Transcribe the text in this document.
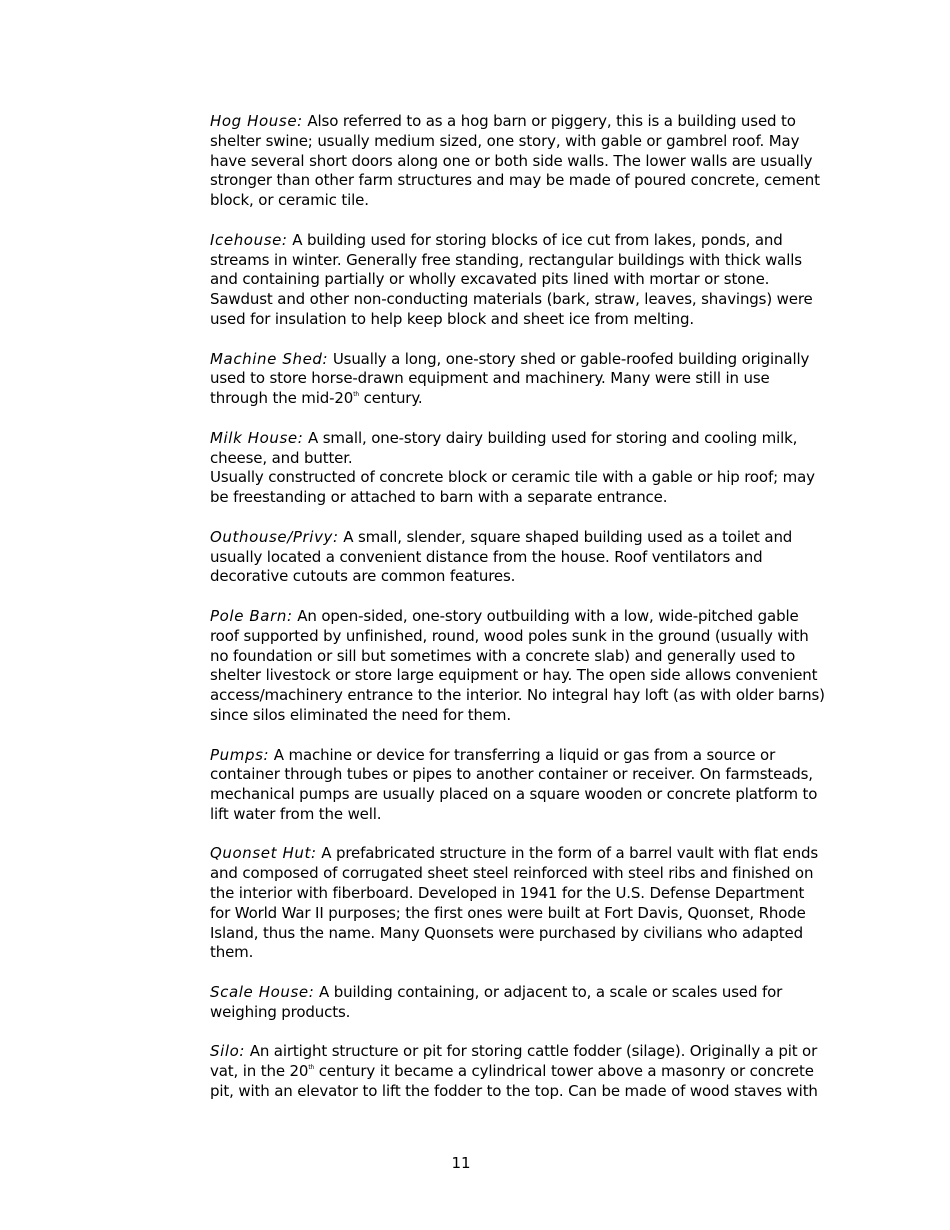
Hog House: Also referred to as a hog barn or piggery, this is a building used to
shelter swine; usually medium sized, one story, with gable or gambrel roof. May
have several short doors along one or both side walls. The lower walls are usually
stronger than other farm structures and may be made of poured concrete, cement
block, or ceramic tile.
Icehouse: A building used for storing blocks of ice cut from lakes, ponds, and
streams in winter. Generally free standing, rectangular buildings with thick walls
and containing partially or wholly excavated pits lined with mortar or stone.
Sawdust and other non-conducting materials (bark, straw, leaves, shavings) were
used for insulation to help keep block and sheet ice from melting.
Machine Shed: Usually a long, one-story shed or gable-roofed building originally
used to store horse-drawn equipment and machinery. Many were still in use
through the mid-20th century.
Milk House: A small, one-story dairy building used for storing and cooling milk,
cheese, and butter.
Usually constructed of concrete block or ceramic tile with a gable or hip roof; may
be freestanding or attached to barn with a separate entrance.
Outhouse/Privy: A small, slender, square shaped building used as a toilet and
usually located a convenient distance from the house. Roof ventilators and
decorative cutouts are common features.
Pole Barn: An open-sided, one-story outbuilding with a low, wide-pitched gable
roof supported by unfinished, round, wood poles sunk in the ground (usually with
no foundation or sill but sometimes with a concrete slab) and generally used to
shelter livestock or store large equipment or hay. The open side allows convenient
access/machinery entrance to the interior. No integral hay loft (as with older barns)
since silos eliminated the need for them.
Pumps: A machine or device for transferring a liquid or gas from a source or
container through tubes or pipes to another container or receiver. On farmsteads,
mechanical pumps are usually placed on a square wooden or concrete platform to
lift water from the well.
Quonset Hut: A prefabricated structure in the form of a barrel vault with flat ends
and composed of corrugated sheet steel reinforced with steel ribs and finished on
the interior with fiberboard. Developed in 1941 for the U.S. Defense Department
for World War II purposes; the first ones were built at Fort Davis, Quonset, Rhode
Island, thus the name. Many Quonsets were purchased by civilians who adapted
them.
Scale House: A building containing, or adjacent to, a scale or scales used for
weighing products.
Silo: An airtight structure or pit for storing cattle fodder (silage). Originally a pit or
vat, in the 20th century it became a cylindrical tower above a masonry or concrete
pit, with an elevator to lift the fodder to the top. Can be made of wood staves with
11
